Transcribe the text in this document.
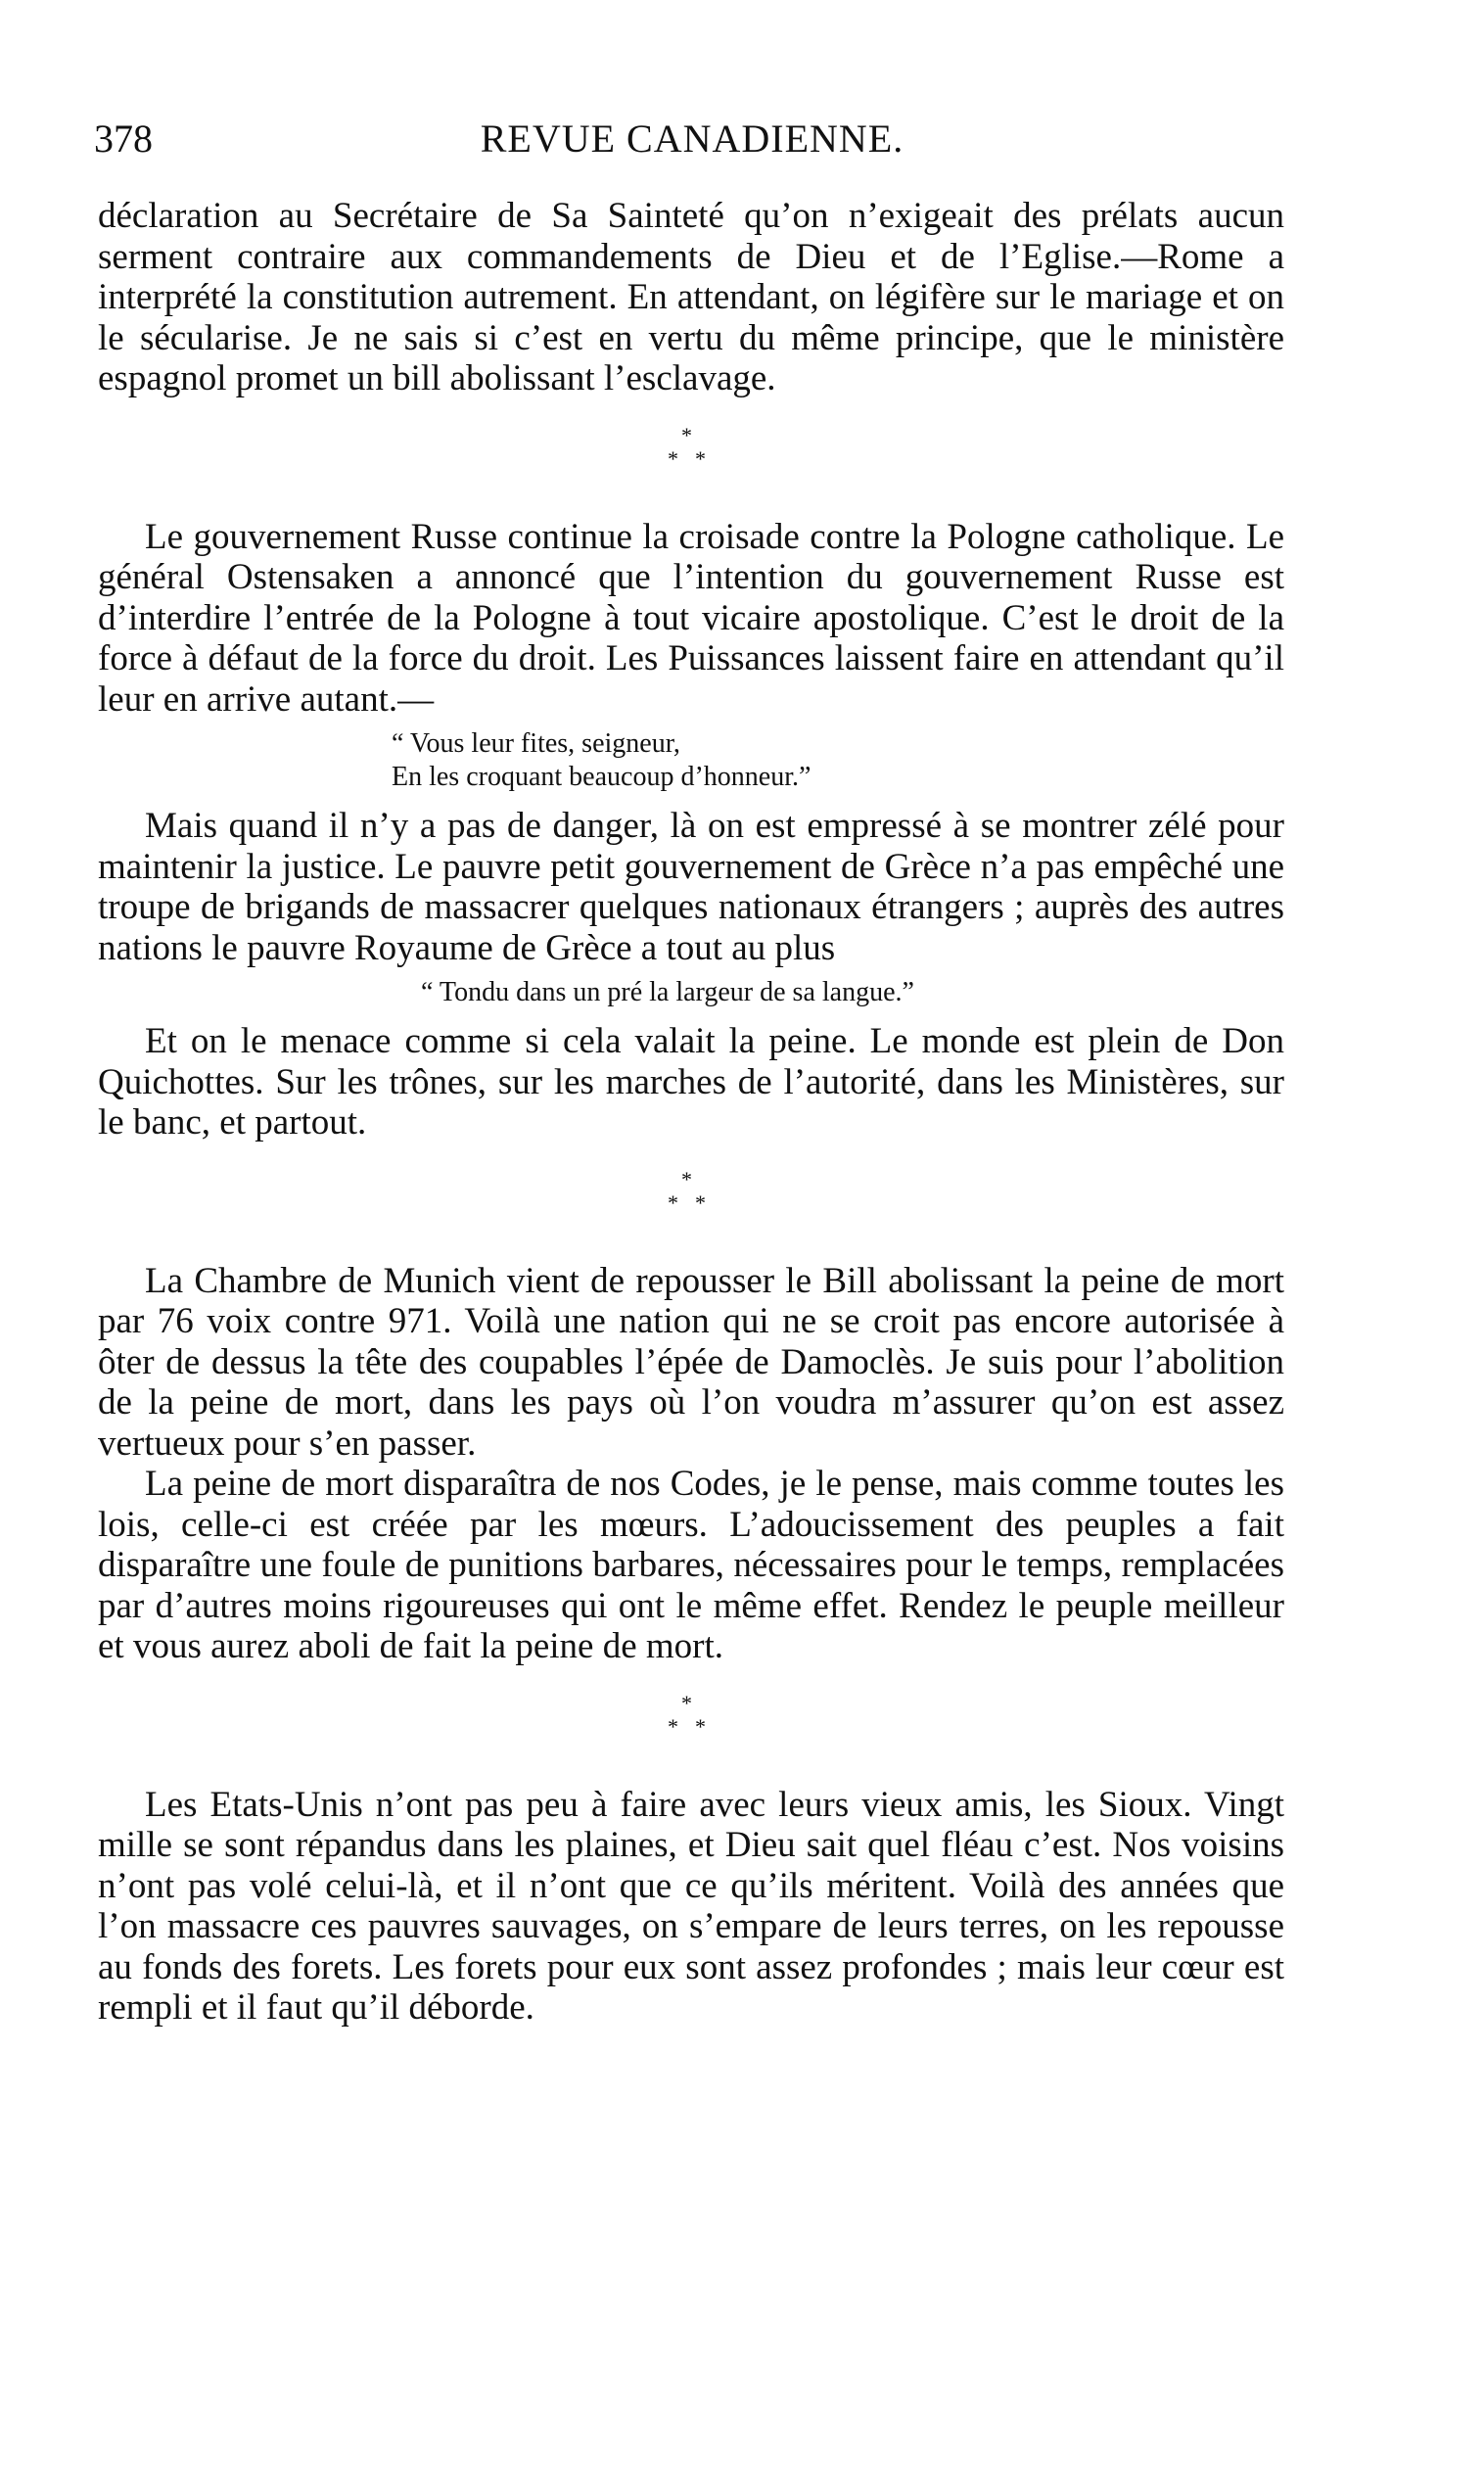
378	REVUE CANADIENNE.

déclaration au Secrétaire de Sa Sainteté qu’on n’exigeait des prélats aucun serment contraire aux commandements de Dieu et de l’Eglise.—Rome a interprété la constitution autrement. En attendant, on légifère sur le mariage et on le sécularise. Je ne sais si c’est en vertu du même principe, que le ministère espagnol promet un bill abolissant l’esclavage.

*
* *

Le gouvernement Russe continue la croisade contre la Pologne catholique. Le général Ostensaken a annoncé que l’intention du gouvernement Russe est d’interdire l’entrée de la Pologne à tout vicaire apostolique. C’est le droit de la force à défaut de la force du droit. Les Puissances laissent faire en attendant qu’il leur en arrive autant.—

“ Vous leur fites, seigneur,

En les croquant beaucoup d’honneur.”

Mais quand il n’y a pas de danger, là on est empressé à se montrer zélé pour maintenir la justice. Le pauvre petit gouvernement de Grèce n’a pas empêché une troupe de brigands de massacrer quelques nationaux étrangers ; auprès des autres nations le pauvre Royaume de Grèce a tout au plus

“ Tondu dans un pré la largeur de sa langue.”

Et on le menace comme si cela valait la peine. Le monde est plein de Don Quichottes. Sur les trônes, sur les marches de l’autorité, dans les Ministères, sur le banc, et partout.

*
* *

La Chambre de Munich vient de repousser le Bill abolissant la peine de mort par 76 voix contre 971. Voilà une nation qui ne se croit pas encore autorisée à ôter de dessus la tête des coupables l’épée de Damoclès. Je suis pour l’abolition de la peine de mort, dans les pays où l’on voudra m’assurer qu’on est assez vertueux pour s’en passer.

La peine de mort disparaîtra de nos Codes, je le pense, mais comme toutes les lois, celle-ci est créée par les mœurs. L’adoucissement des peuples a fait disparaître une foule de punitions barbares, nécessaires pour le temps, remplacées par d’autres moins rigoureuses qui ont le même effet. Rendez le peuple meilleur et vous aurez aboli de fait la peine de mort.

*
* *

Les Etats-Unis n’ont pas peu à faire avec leurs vieux amis, les Sioux. Vingt mille se sont répandus dans les plaines, et Dieu sait quel fléau c’est. Nos voisins n’ont pas volé celui-là, et il n’ont que ce qu’ils méritent. Voilà des années que l’on massacre ces pauvres sauvages, on s’empare de leurs terres, on les repousse au fonds des forets. Les forets pour eux sont assez profondes ; mais leur cœur est rempli et il faut qu’il déborde.
